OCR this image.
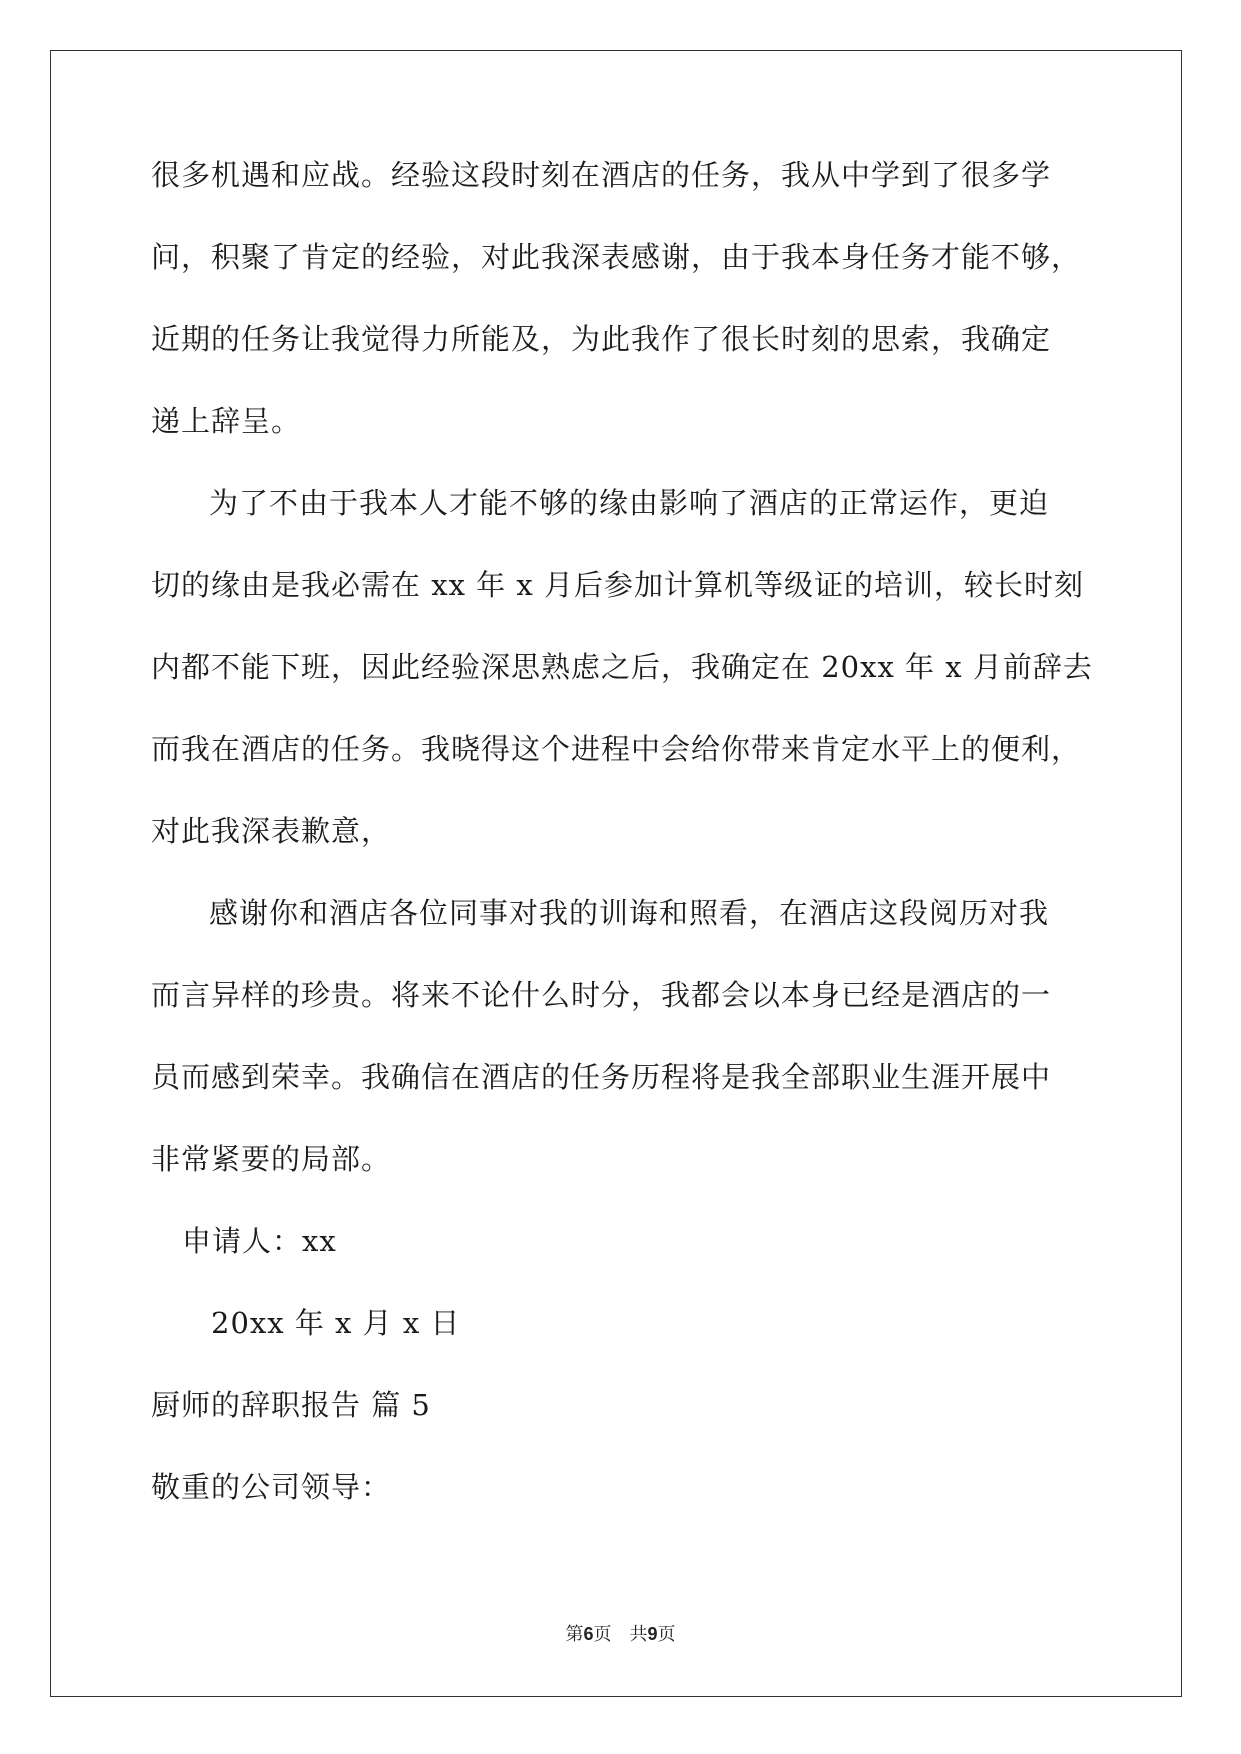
很多机遇和应战。经验这段时刻在酒店的任务，我从中学到了很多学
问，积聚了肯定的经验，对此我深表感谢，由于我本身任务才能不够，
近期的任务让我觉得力所能及，为此我作了很长时刻的思索，我确定
递上辞呈。
为了不由于我本人才能不够的缘由影响了酒店的正常运作，更迫
切的缘由是我必需在 xx 年 x 月后参加计算机等级证的培训，较长时刻
内都不能下班，因此经验深思熟虑之后，我确定在 20xx 年 x 月前辞去
而我在酒店的任务。我晓得这个进程中会给你带来肯定水平上的便利，
对此我深表歉意，
感谢你和酒店各位同事对我的训诲和照看，在酒店这段阅历对我
而言异样的珍贵。将来不论什么时分，我都会以本身已经是酒店的一
员而感到荣幸。我确信在酒店的任务历程将是我全部职业生涯开展中
非常紧要的局部。
申请人：xx
20xx 年 x 月 x 日
厨师的辞职报告 篇 5
敬重的公司领导：
第6页 共9页
